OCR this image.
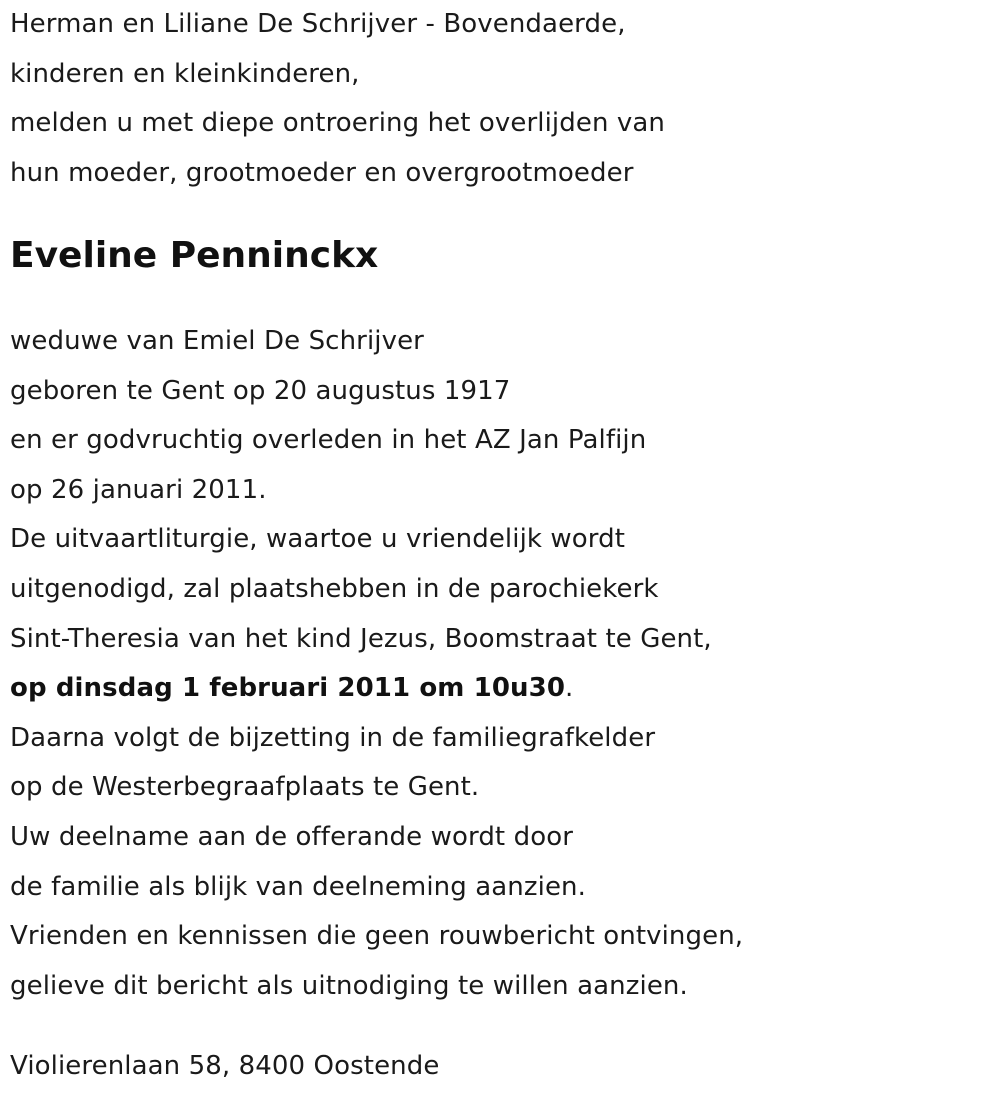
Herman en Liliane De Schrijver - Bovendaerde,
kinderen en kleinkinderen,
melden u met diepe ontroering het overlijden van
hun moeder, grootmoeder en overgrootmoeder
Eveline Penninckx
weduwe van Emiel De Schrijver
geboren te Gent op 20 augustus 1917
en er godvruchtig overleden in het AZ Jan Palfijn
op 26 januari 2011.
De uitvaartliturgie, waartoe u vriendelijk wordt
uitgenodigd, zal plaatshebben in de parochiekerk
Sint-Theresia van het kind Jezus, Boomstraat te Gent,
op dinsdag 1 februari 2011 om 10u30.
Daarna volgt de bijzetting in de familiegrafkelder
op de Westerbegraafplaats te Gent.
Uw deelname aan de offerande wordt door
de familie als blijk van deelneming aanzien.
Vrienden en kennissen die geen rouwbericht ontvingen,
gelieve dit bericht als uitnodiging te willen aanzien.
Violierenlaan 58, 8400 Oostende
